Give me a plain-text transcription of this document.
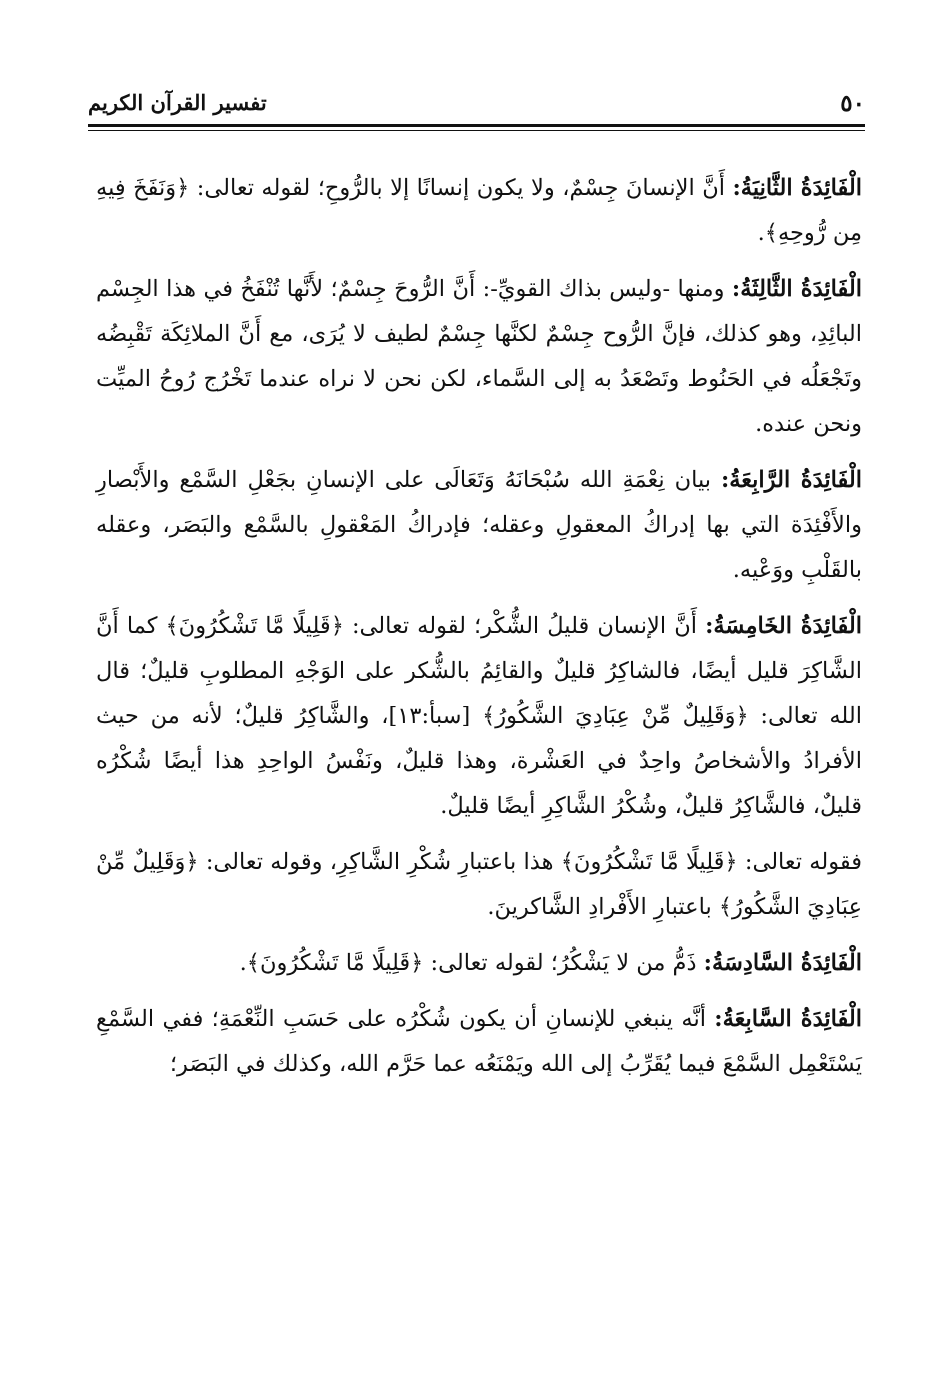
٥٠
تفسير القرآن الكريم

الْفَائِدَةُ الثَّانِيَةُ: أَنَّ الإنسانَ جِسْمٌ، ولا يكون إنسانًا إلا بالرُّوحِ؛ لقوله تعالى: ﴿وَنَفَخَ فِيهِ مِن رُّوحِهِ﴾.

الْفَائِدَةُ الثَّالِثَةُ: ومنها -وليس بذاك القويِّ-: أَنَّ الرُّوحَ جِسْمٌ؛ لأَنَّها تُنْفَخُ في هذا الجِسْم البائِدِ، وهو كذلك، فإنَّ الرُّوح جِسْمٌ لكنَّها جِسْمٌ لطيف لا يُرَى، مع أَنَّ الملائِكَة تَقْبِضُه وتَجْعَلُه في الحَنُوط وتَصْعَدُ به إلى السَّماء، لكن نحن لا نراه عندما تَخْرُج رُوحُ الميِّت ونحن عنده.

الْفَائِدَةُ الرَّابِعَةُ: بيان نِعْمَةِ الله سُبْحَانَهُ وَتَعَالَى على الإنسانِ بجَعْلِ السَّمْع والأَبْصارِ والأَفْئِدَة التي بها إدراكُ المعقولِ وعقله؛ فإدراكُ المَعْقولِ بالسَّمْع والبَصَر، وعقله بالقَلْبِ ووَعْيه.

الْفَائِدَةُ الخَامِسَةُ: أَنَّ الإنسان قليلُ الشُّكْر؛ لقوله تعالى: ﴿قَلِيلًا مَّا تَشْكُرُونَ﴾ كما أَنَّ الشَّاكِرَ قليل أيضًا، فالشاكِرُ قليلٌ والقائِمُ بالشُّكر على الوَجْهِ المطلوبِ قليلٌ؛ قال الله تعالى: ﴿وَقَلِيلٌ مِّنْ عِبَادِيَ الشَّكُورُ﴾ [سبأ:١٣]، والشَّاكِرُ قليلٌ؛ لأنه من حيث الأفرادُ والأشخاصُ واحِدٌ في العَشْرة، وهذا قليلٌ، ونَفْسُ الواحِدِ هذا أيضًا شُكْرُه قليلٌ، فالشَّاكِرُ قليلٌ، وشُكْرُ الشَّاكِرِ أيضًا قليلٌ.

فقوله تعالى: ﴿قَلِيلًا مَّا تَشْكُرُونَ﴾ هذا باعتبارِ شُكْرِ الشَّاكِرِ، وقوله تعالى: ﴿وَقَلِيلٌ مِّنْ عِبَادِيَ الشَّكُورُ﴾ باعتبارِ الأَفْرادِ الشَّاكرينَ.

الْفَائِدَةُ السَّادِسَةُ: ذَمُّ من لا يَشْكُرُ؛ لقوله تعالى: ﴿قَلِيلًا مَّا تَشْكُرُونَ﴾.

الْفَائِدَةُ السَّابِعَةُ: أنَّه ينبغي للإنسانِ أن يكون شُكْرُه على حَسَبِ النِّعْمَةِ؛ ففي السَّمْعِ يَسْتَعْمِل السَّمْعَ فيما يُقَرِّبُ إلى الله ويَمْنَعُه عما حَرَّم الله، وكذلك في البَصَر؛
